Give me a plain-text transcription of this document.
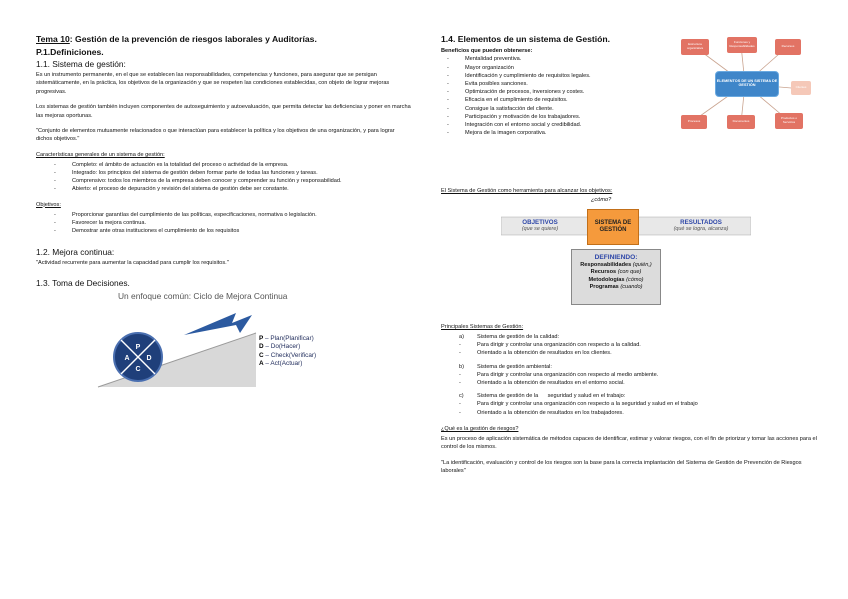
Tema 10: Gestión de la prevención de riesgos laborales y Auditorías.
P.1.Definiciones.
1.1. Sistema de gestión:
Es un instrumento permanente, en el que se establecen las responsabilidades, competencias y funciones, para asegurar que se persigan sistemáticamente, en la práctica, los objetivos de la organización y que se respeten las condiciones establecidas, con objeto de lograr mejoras progresivas.
Los sistemas de gestión también incluyen componentes de autoseguimiento y autoevaluación, que permita detectar las deficiencias y poner en marcha las mejoras oportunas.
"Conjunto de elementos mutuamente relacionados o que interactúan para establecer la política y los objetivos de una organización, y para lograr dichos objetivos."
Características generales de un sistema de gestión:
- Completo: el ámbito de actuación es la totalidad del proceso o actividad de la empresa.
- Integrado: los principios del sistema de gestión deben formar parte de todas las funciones y tareas.
- Comprensivo: todos los miembros de la empresa deben conocer y comprender su función y responsabilidad.
- Abierto: el proceso de depuración y revisión del sistema de gestión debe ser constante.
Objetivos:
- Proporcionar garantías del cumplimiento de las políticas, especificaciones, normativa o legislación.
- Favorecer la mejora continua.
- Demostrar ante otras instituciones el cumplimiento de los requisitos
1.2. Mejora continua:
"Actividad recurrente para aumentar la capacidad para cumplir los requisitos."
1.3. Toma de Decisiones.
Un enfoque común: Ciclo de Mejora Continua
P
D
C
A
P – Plan(Planificar)
D – Do(Hacer)
C – Check(Verificar)
A – Act(Actuar)
1.4. Elementos de un sistema de Gestión.
Beneficios que pueden obtenerse:
- Mentalidad preventiva.
- Mayor organización
- Identificación y cumplimiento de requisitos legales.
- Evita posibles sanciones.
- Optimización de procesos, inversiones y costes.
- Eficacia en el cumplimiento de requisitos.
- Consigue la satisfacción del cliente.
- Participación y motivación de los trabajadores.
- Integración con el entorno social y credibilidad.
- Mejora de la imagen corporativa.
Estructura organizativa
Funciones y Responsabilidades	Recursos
ELEMENTOS DE UN SISTEMA DE GESTIÓN
Clientes
Procesos	Documentos
Productos o Servicios
El Sistema de Gestión como herramienta para alcanzar los objetivos:
¿cómo?
OBJETIVOS
(que se quiere)
SISTEMA DE GESTIÓN
RESULTADOS
(qué se logra, alcanza)
DEFINIENDO:
Responsabilidades (quién,)
Recursos (con que)
Metodologías (cómo)
Programas (cuando)
Principales Sistemas de Gestión:
a) Sistema de gestión de la calidad:
- Para dirigir y controlar una organización con respecto a la calidad.
- Orientado a la obtención de resultados en los clientes.
b) Sistema de gestión ambiental:
- Para dirigir y controlar una organización con respecto al medio ambiente.
- Orientado a la obtención de resultados en el entorno social.
c) Sistema de gestión de la      seguridad y salud en el trabajo:
- Para dirigir y controlar una organización con respecto a la seguridad y salud en el trabajo
- Orientado a la obtención de resultados en los trabajadores.
¿Qué es la gestión de riesgos?
Es un proceso de aplicación sistemática de métodos capaces de identificar, estimar y valorar riesgos, con el fin de priorizar y tomar las acciones para el control de los mismos.
"La identificación, evaluación y control de los riesgos son la base para la correcta implantación del Sistema de Gestión de Prevención de Riesgos laborales"
